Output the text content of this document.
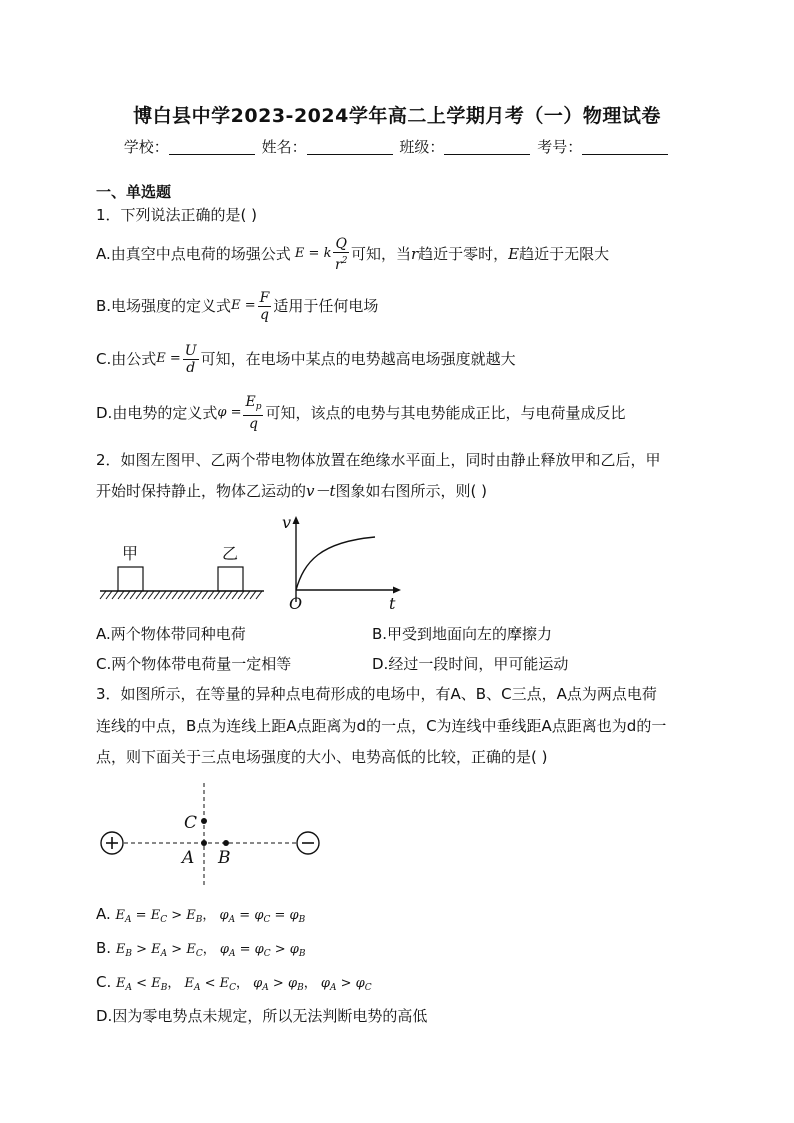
博白县中学2023-2024学年高二上学期月考（一）物理试卷
学校：	姓名：	班级：	考号：
一、单选题
1．下列说法正确的是( )
A.由真空中点电荷的场强公式 E = k $\frac{Q}{r^2}$ 可知，当 r 趋近于零时， E 趋近于无限大
B.电场强度的定义式 $E = \frac{F}{q}$ 适用于任何电场
C.由公式 $E = \frac{U}{d}$ 可知，在电场中某点的电势越高电场强度就越大
D.由电势的定义式 $\varphi = \frac{E_p}{q}$ 可知，该点的电势与其电势能成正比，与电荷量成反比
2．如图左图甲、乙两个带电物体放置在绝缘水平面上，同时由静止释放甲和乙后，甲
开始时保持静止，物体乙运动的v－t图象如右图所示，则( )
甲	乙
v
O	t
A.两个物体带同种电荷	B.甲受到地面向左的摩擦力
C.两个物体带电荷量一定相等	D.经过一段时间，甲可能运动
3．如图所示，在等量的异种点电荷形成的电场中，有A、B、C三点，A点为两点电荷
连线的中点，B点为连线上距A点距离为d的一点，C为连线中垂线距A点距离也为d的一
点，则下面关于三点电场强度的大小、电势高低的比较，正确的是( )
C
A B
A. $E_A = E_C > E_B$， $\varphi_A = \varphi_C = \varphi_B$
B. $E_B > E_A > E_C$， $\varphi_A = \varphi_C > \varphi_B$
C. $E_A < E_B$， $E_A < E_C$， $\varphi_A > \varphi_B$， $\varphi_A > \varphi_C$
D.因为零电势点未规定，所以无法判断电势的高低
